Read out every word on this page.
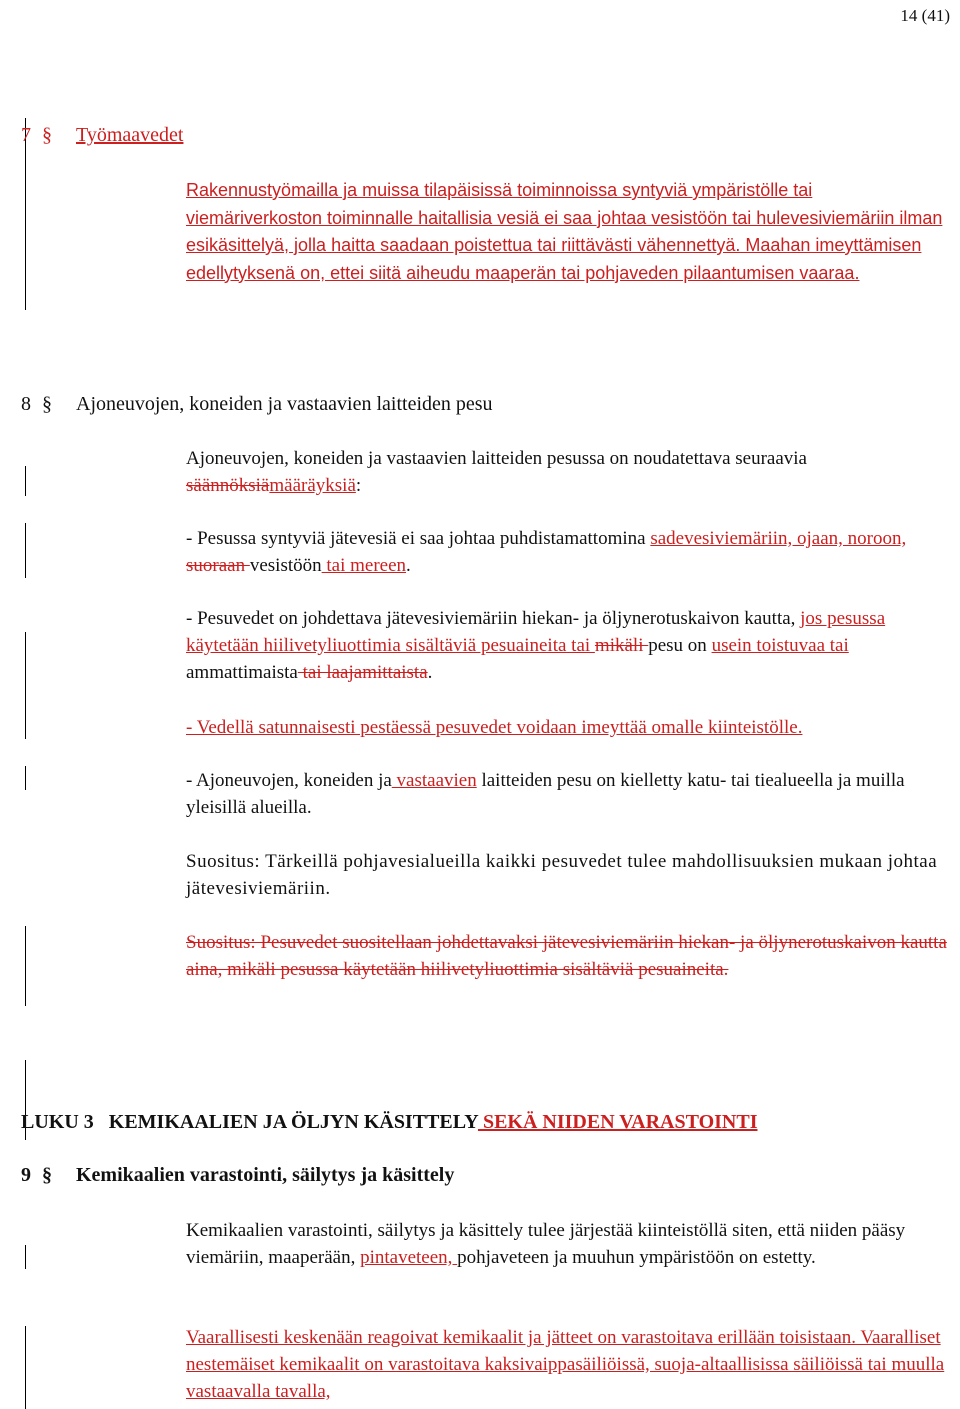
14 (41)
7 § Työmaavedet
Rakennustyömailla ja muissa tilapäisissä toiminnoissa syntyviä ympäristölle tai viemäriverkoston toiminnalle haitallisia vesiä ei saa johtaa vesistöön tai hulevesiviemäriin ilman esikäsittelyä, jolla haitta saadaan poistettua tai riittävästi vähennettyä. Maahan imeyttämisen edellytyksenä on, ettei siitä aiheudu maaperän tai pohjaveden pilaantumisen vaaraa.
8 § Ajoneuvojen, koneiden ja vastaavien laitteiden pesu
Ajoneuvojen, koneiden ja vastaavien laitteiden pesussa on noudatettava seuraavia säännöksiämääräyksiä:
- Pesussa syntyviä jätevesiä ei saa johtaa puhdistamattomina sadevesiviemäriin, ojaan, noroon, suoraan vesistöön tai mereen.
- Pesuvedet on johdettava jätevesiviemäriin hiekan- ja öljynerotuskaivon kautta, jos pesussa käytetään hiilivetyliuottimia sisältäviä pesuaineita tai mikäli pesu on usein toistuvaa tai ammattimaista tai laajamittaista.
- Vedellä satunnaisesti pestäessä pesuvedet voidaan imeyttää omalle kiinteistölle.
- Ajoneuvojen, koneiden ja vastaavien laitteiden pesu on kielletty katu- tai tiealueella ja muilla yleisillä alueilla.
Suositus: Tärkeillä pohjavesialueilla kaikki pesuvedet tulee mahdollisuuksien mukaan johtaa jätevesiviemäriin.
Suositus: Pesuvedet suositellaan johdettavaksi jätevesiviemäriin hiekan- ja öljynerotuskaivon kautta aina, mikäli pesussa käytetään hiilivetyliuottimia sisältäviä pesuaineita.
LUKU 3   KEMIKAALIEN JA ÖLJYN KÄSITTELY SEKÄ NIIDEN VARASTOINTI
9 § Kemikaalien varastointi, säilytys ja käsittely
Kemikaalien varastointi, säilytys ja käsittely tulee järjestää kiinteistöllä siten, että niiden pääsy viemäriin, maaperään, pintaveteen, pohjaveteen ja muuhun ympäristöön on estetty.
Vaarallisesti keskenään reagoivat kemikaalit ja jätteet on varastoitava erillään toisistaan. Vaaralliset nestemäiset kemikaalit on varastoitava kaksivaippasäiliöissä, suoja-altaallisissa säiliöissä tai muulla vastaavalla tavalla,
